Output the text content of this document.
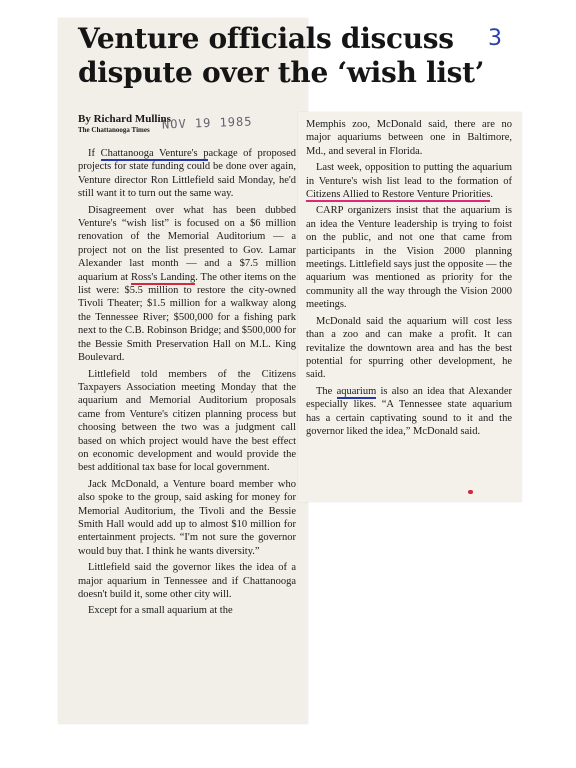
Venture officials discuss dispute over the ‘wish list’
3
By Richard Mullins
The Chattanooga Times NOV 19 1985

If Chattanooga Venture's package of proposed projects for state funding could be done over again, Venture director Ron Littlefield said Monday, he'd still want it to turn out the same way.

Disagreement over what has been dubbed Venture's “wish list” is focused on a $6 million renovation of the Memorial Auditorium — a project not on the list presented to Gov. Lamar Alexander last month — and a $7.5 million aquarium at Ross's Landing. The other items on the list were: $5.5 million to restore the city-owned Tivoli Theater; $1.5 million for a walkway along the Tennessee River; $500,000 for a fishing park next to the C.B. Robinson Bridge; and $500,000 for the Bessie Smith Preservation Hall on M.L. King Boulevard.

Littlefield told members of the Citizens Taxpayers Association meeting Monday that the aquarium and Memorial Auditorium proposals came from Venture's citizen planning process but choosing between the two was a judgment call based on which project would have the best effect on economic development and would provide the best additional tax base for local government.

Jack McDonald, a Venture board member who also spoke to the group, said asking for money for Memorial Auditorium, the Tivoli and the Bessie Smith Hall would add up to almost $10 million for entertainment projects. “I'm not sure the governor would buy that. I think he wants diversity.”

Littlefield said the governor likes the idea of a major aquarium in Tennessee and if Chattanooga doesn't build it, some other city will.

Except for a small aquarium at the

Memphis zoo, McDonald said, there are no major aquariums between one in Baltimore, Md., and several in Florida.

Last week, opposition to putting the aquarium in Venture's wish list lead to the formation of Citizens Allied to Restore Venture Priorities.

CARP organizers insist that the aquarium is an idea the Venture leadership is trying to foist on the public, and not one that came from participants in the Vision 2000 planning meetings. Littlefield says just the opposite — the aquarium was mentioned as priority for the community all the way through the Vision 2000 meetings.

McDonald said the aquarium will cost less than a zoo and can make a profit. It can revitalize the downtown area and has the best potential for spurring other development, he said.

The aquarium is also an idea that Alexander especially likes. “A Tennessee state aquarium has a certain captivating sound to it and the governor liked the idea,” McDonald said.
